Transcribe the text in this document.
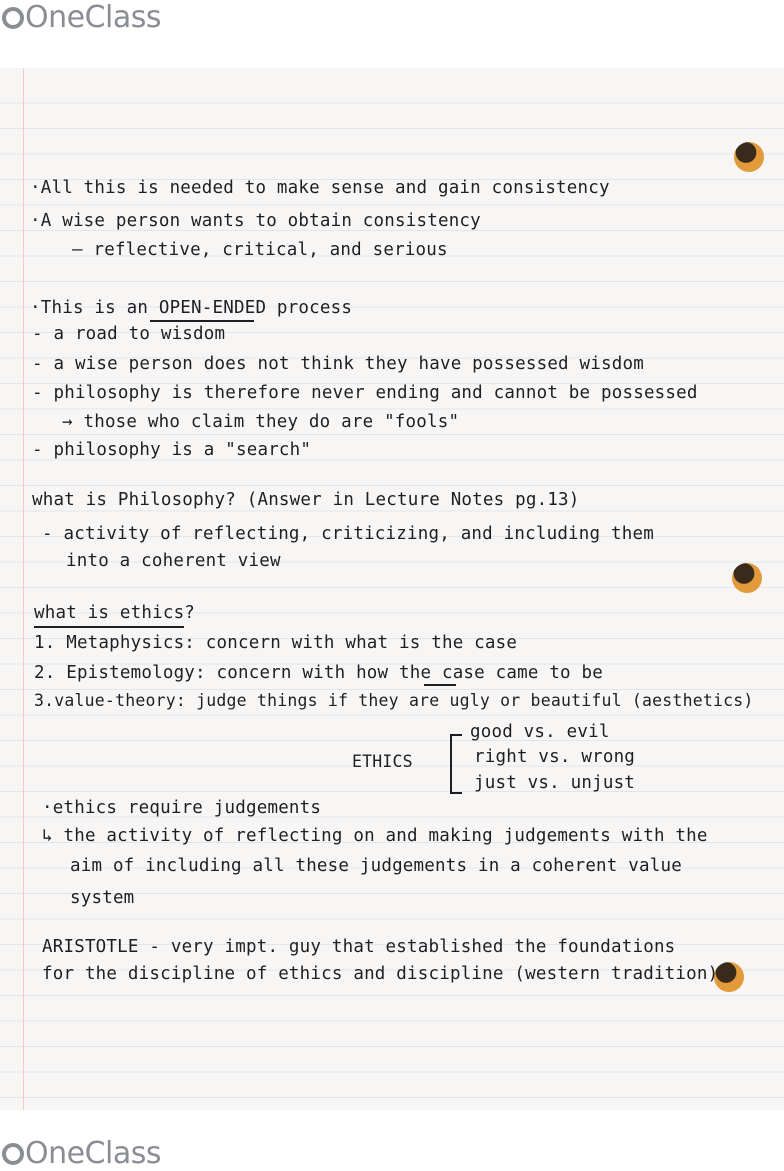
OneClass
·All this is needed to make sense and gain consistency
·A wise person wants to obtain consistency
– reflective, critical, and serious
·This is an OPEN-ENDED process
- a road to wisdom
- a wise person does not think they have possessed wisdom
- philosophy is therefore never ending and cannot be possessed
→ those who claim they do are "fools"
- philosophy is a "search"
what is Philosophy? (Answer in Lecture Notes pg.13)
- activity of reflecting, criticizing, and including them
into a coherent view
what is ethics?
1. Metaphysics: concern with what is the case
2. Epistemology: concern with how the case came to be
3.value-theory: judge things if they are ugly or beautiful (aesthetics)
good vs. evil
ETHICS	right vs. wrong
just vs. unjust
·ethics require judgements
↳ the activity of reflecting on and making judgements with the
aim of including all these judgements in a coherent value
system
ARISTOTLE - very impt. guy that established the foundations
for the discipline of ethics and discipline (western tradition)
OneClass
